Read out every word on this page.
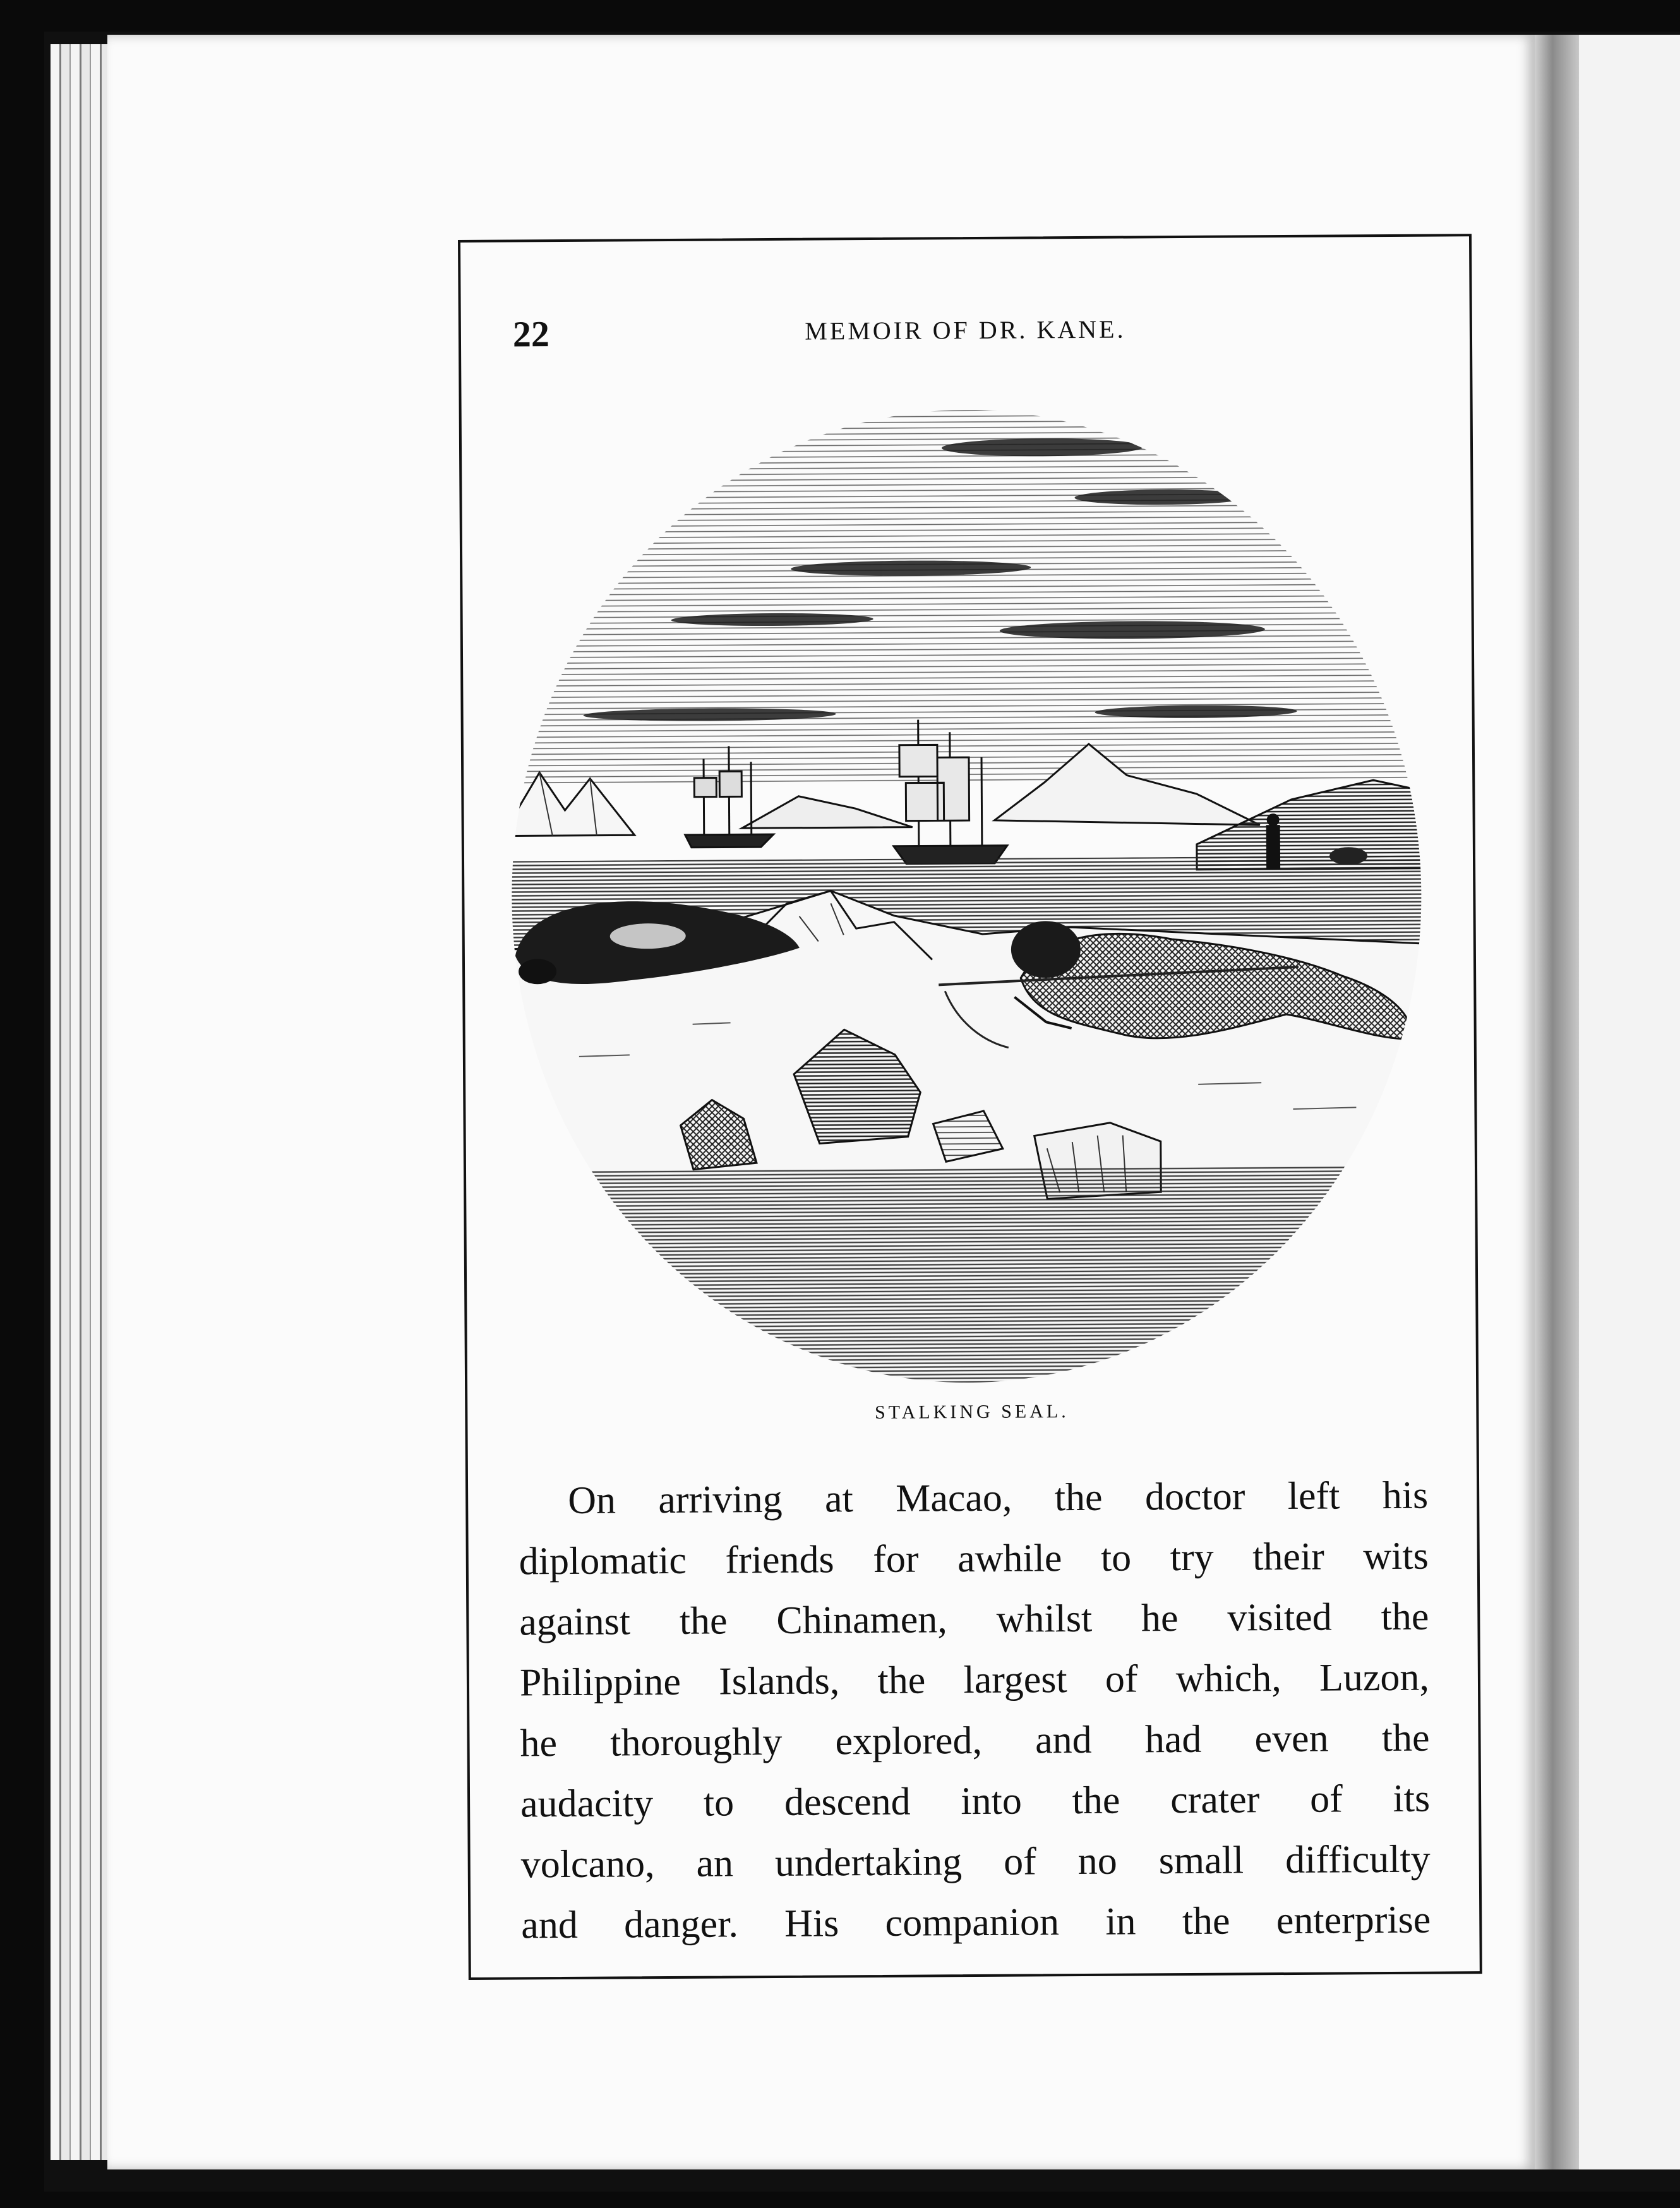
22	MEMOIR OF DR. KANE.
STALKING SEAL.
On arriving at Macao, the doctor left his
diplomatic friends for awhile to try their wits
against the Chinamen, whilst he visited the
Philippine Islands, the largest of which, Luzon,
he thoroughly explored, and had even the
audacity to descend into the crater of its
volcano, an undertaking of no small difficulty
and danger. His companion in the enterprise
